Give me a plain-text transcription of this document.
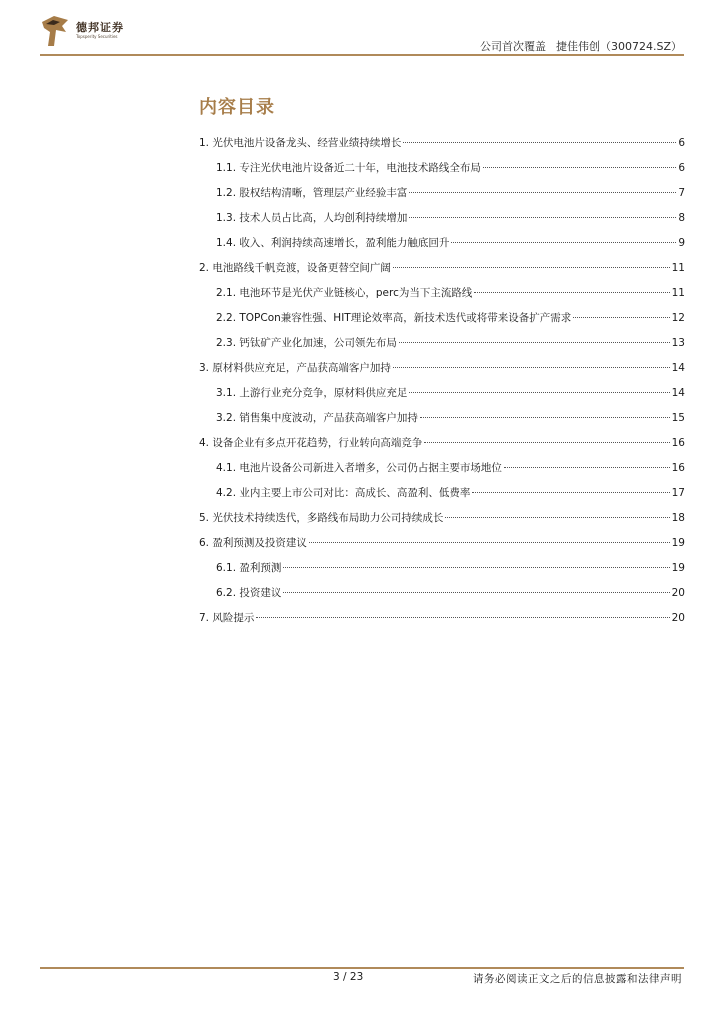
德邦证券
Topsperity Securities
公司首次覆盖 捷佳伟创（300724.SZ）
内容目录
1. 光伏电池片设备龙头、经营业绩持续增长	6
1.1. 专注光伏电池片设备近二十年，电池技术路线全布局	6
1.2. 股权结构清晰，管理层产业经验丰富	7
1.3. 技术人员占比高，人均创利持续增加	8
1.4. 收入、利润持续高速增长，盈利能力触底回升	9
2. 电池路线千帆竞渡，设备更替空间广阔	11
2.1. 电池环节是光伏产业链核心，perc为当下主流路线	11
2.2. TOPCon兼容性强、HIT理论效率高，新技术迭代或将带来设备扩产需求	12
2.3. 钙钛矿产业化加速，公司领先布局	13
3. 原材料供应充足，产品获高端客户加持	14
3.1. 上游行业充分竞争，原材料供应充足	14
3.2. 销售集中度波动，产品获高端客户加持	15
4. 设备企业有多点开花趋势，行业转向高端竞争	16
4.1. 电池片设备公司新进入者增多，公司仍占据主要市场地位	16
4.2. 业内主要上市公司对比：高成长、高盈利、低费率	17
5. 光伏技术持续迭代，多路线布局助力公司持续成长	18
6. 盈利预测及投资建议	19
6.1. 盈利预测	19
6.2. 投资建议	20
7. 风险提示	20
3 / 23	请务必阅读正文之后的信息披露和法律声明
